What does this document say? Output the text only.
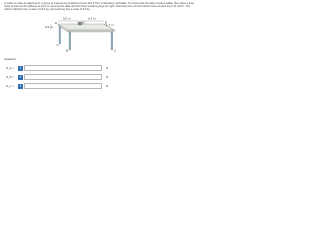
In order to make an adjustment, a group of engineering students remove bolt F from a laboratory worktable. To ensure that the table remains stable, they place a 9-kg mass of steel on the tabletop at point G. Assume the table and the three remaining legs are rigid. Determine the normal reaction force at each leg A, B, and C. The uniform tabletop has a mass of 42.5 kg, and each leg has a mass of 5.0 kg.

0.5 m	0.3 m
0.9 m	1.7 m
D	E
G
A
B	C

Answers:

N_A =	i	N
N_B =	i	N
N_C =	i	N
